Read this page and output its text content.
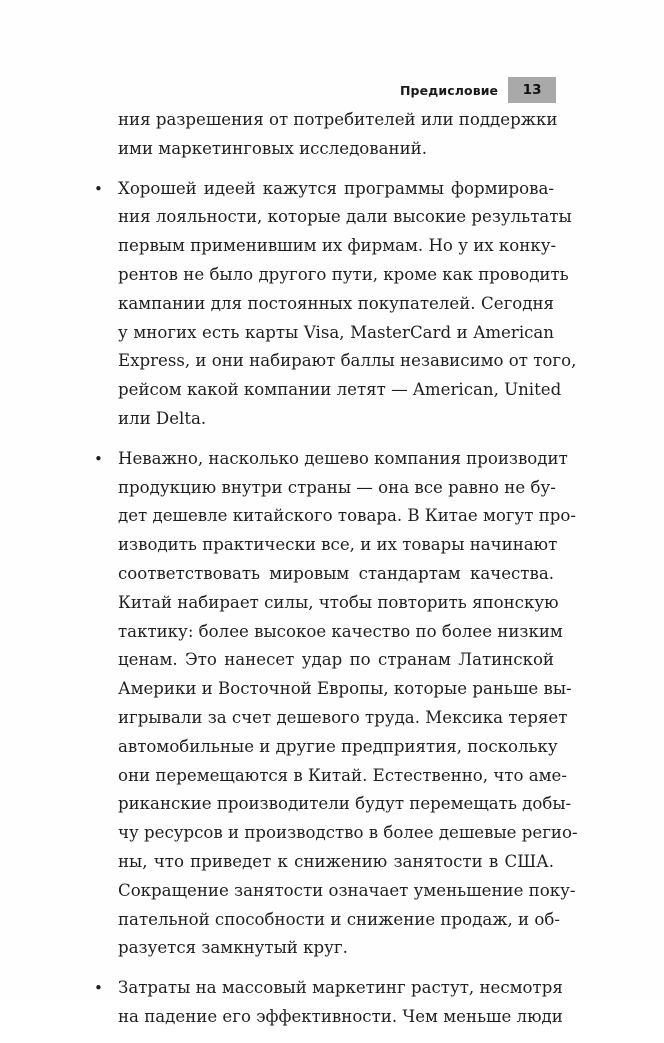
Предисловие	13
ния разрешения от потребителей или поддержки
ими маркетинговых исследований.
• Хорошей идеей кажутся программы формирова-
ния лояльности, которые дали высокие результаты
первым применившим их фирмам. Но у их конку-
рентов не было другого пути, кроме как проводить
кампании для постоянных покупателей. Сегодня
у многих есть карты Visa, MasterCard и American
Express, и они набирают баллы независимо от того,
рейсом какой компании летят — American, United
или Delta.
• Неважно, насколько дешево компания производит
продукцию внутри страны — она все равно не бу-
дет дешевле китайского товара. В Китае могут про-
изводить практически все, и их товары начинают
соответствовать мировым стандартам качества.
Китай набирает силы, чтобы повторить японскую
тактику: более высокое качество по более низким
ценам. Это нанесет удар по странам Латинской
Америки и Восточной Европы, которые раньше вы-
игрывали за счет дешевого труда. Мексика теряет
автомобильные и другие предприятия, поскольку
они перемещаются в Китай. Естественно, что аме-
риканские производители будут перемещать добы-
чу ресурсов и производство в более дешевые регио-
ны, что приведет к снижению занятости в США.
Сокращение занятости означает уменьшение поку-
пательной способности и снижение продаж, и об-
разуется замкнутый круг.
• Затраты на массовый маркетинг растут, несмотря
на падение его эффективности. Чем меньше люди
